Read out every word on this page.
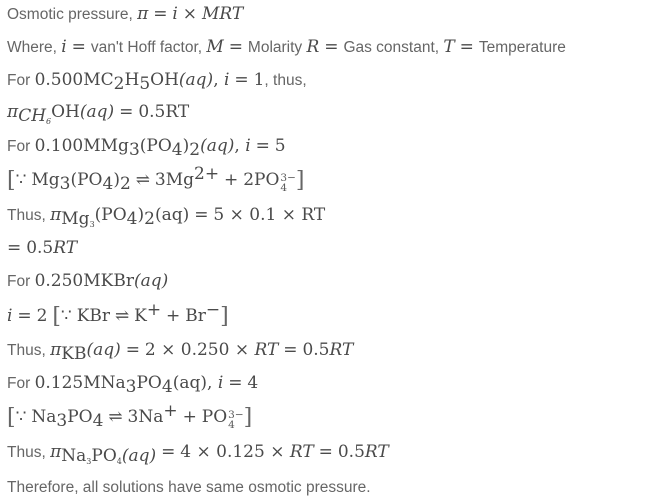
Osmotic pressure, π = i × MRT
Where, i = van't Hoff factor, M = Molarity R = Gas constant, T = Temperature
For $0.500MC_2H_5OH(aq)$, i = 1, thus,
$\pi_{CH6}OH(aq) = 0.5RT$
For $0.100MMg_3(PO_4)_2(aq)$, i = 5
[∵ $Mg_3(PO_4)_2$ ⇌ $3Mg^{2+} + 2PO$ 3−
4 ]
Thus, $\pi_{Mg3}(PO_4)_2(aq) = 5 \times 0.1$ × RT
= 0.5RT
For 0.250MKBr(aq)
i = 2 [∵ KBr ⇌ K+ + Br−]
Thus, $\pi_{KB}(aq) = 2 \times 0.250$ × RT = 0.5RT
For $0.125MNa_3PO_4(aq)$, i = 4
[∵ $Na_3PO_4$ ⇌ 3Na+ + PO 3−
4 ]
Thus, $\pi_{Na3PO4(aq)} = 4 \times 0.125$ × RT = 0.5RT
Therefore, all solutions have same osmotic pressure.
